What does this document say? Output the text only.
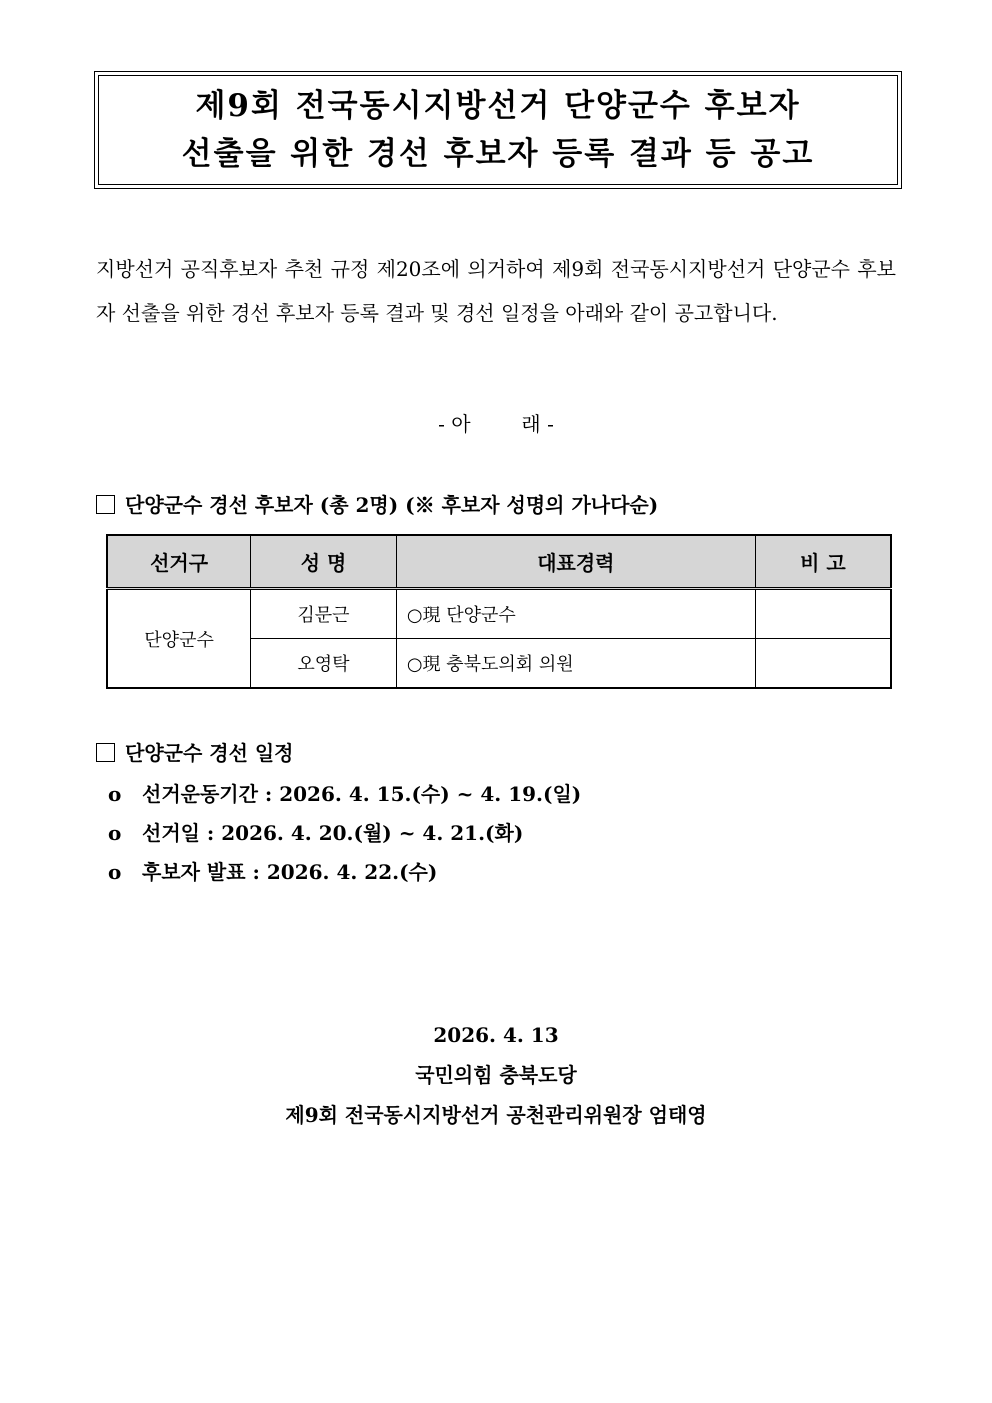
제9회 전국동시지방선거 단양군수 후보자
선출을 위한 경선 후보자 등록 결과 등 공고
지방선거 공직후보자 추천 규정 제20조에 의거하여 제9회 전국동시지방선거 단양군수 후보자 선출을 위한 경선 후보자 등록 결과 및 경선 일정을 아래와 같이 공고합니다.
- 아        래 -
단양군수 경선 후보자 (총 2명) (※ 후보자 성명의 가나다순)
선거구	성 명	대표경력	비 고
단양군수	김문근	○現 단양군수	
	오영탁	○現 충북도의회 의원	
단양군수 경선 일정
o	선거운동기간 : 2026. 4. 15.(수) ~ 4. 19.(일)
o	선거일 : 2026. 4. 20.(월) ~ 4. 21.(화)
o	후보자 발표 : 2026. 4. 22.(수)
2026. 4. 13
국민의힘 충북도당
제9회 전국동시지방선거 공천관리위원장 엄태영
